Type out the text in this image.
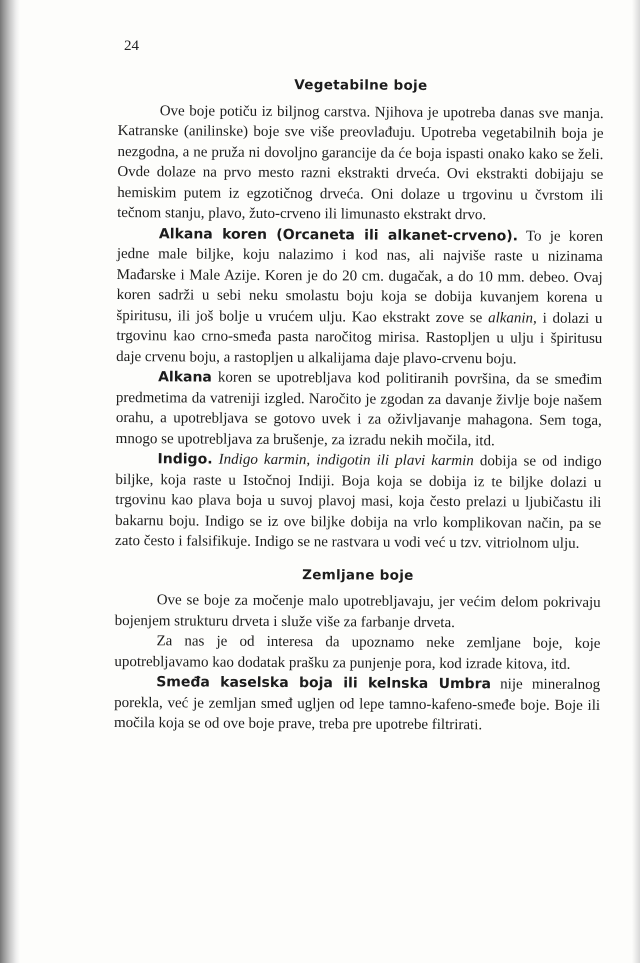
24
Vegetabilne boje

Ove boje potiču iz biljnog carstva. Njihova je upotreba danas sve manja. Katranske (anilinske) boje sve više preovlađuju. Upotreba vegetabilnih boja je nezgodna, a ne pruža ni dovoljno garanciјe da će boja ispasti onako kako se želi. Ovde dolaze na prvo mesto razni ekstrakti drveća. Ovi ekstrakti dobijaju se hemiskim putem iz egzotičnog drveća. Oni dolaze u trgovinu u čvrstom ili tečnom stanju, plavo, žuto-crveno ili limunasto ekstrakt drvo.

Alkana koren (Orcaneta ili alkanet-crveno). To je koren jedne male biljke, koju nalazimo i kod nas, ali najviše raste u nizinama Mađarske i Male Azije. Koren je do 20 cm. dugačak, a do 10 mm. debeo. Ovaj koren sadrži u sebi neku smolastu boju koja se dobija kuvanjem korena u špiritusu, ili još bolje u vrućem ulju. Kao ekstrakt zove se alkanin, i dolazi u trgovinu kao crno-smeđa pasta naročitog mirisa. Rastopljen u ulju i špiritusu daje crvenu boju, a rastopljen u alkalijama daje plavo-crvenu boju.

Alkana koren se upotrebljava kod politiranih površina, da se smeđim predmetima da vatreniji izgled. Naročito je zgodan za davanje življe boje našem orahu, a upotrebljava se gotovo uvek i za oživljavanje mahagona. Sem toga, mnogo se upotrebljava za brušenje, za izradu nekih močila, itd.

Indigo. Indigo karmin, indigotin ili plavi karmin dobija se od indigo biljke, koja raste u Istočnoj Indiji. Boja koja se dobija iz te biljke dolazi u trgovinu kao plava boja u suvoj plavoj masi, koja često prelazi u ljubičastu ili bakarnu boju. Indigo se iz ove biljke dobija na vrlo komplikovan način, pa se zato često i falsifikuje. Indigo se ne rastvara u vodi već u tzv. vitriolnom ulju.

Zemljane boje

Ove se boje za močenje malo upotrebljavaju, jer većim delom pokrivaju bojenjem strukturu drveta i služe više za farbanje drveta.

Za nas je od interesa da upoznamo neke zemljane boje, koje upotrebljavamo kao dodatak prašku za punjenje pora, kod izrade kitova, itd.

Smeđa kaselska boja ili kelnska Umbra nije mineralnog porekla, već je zemljan smeđ ugljen od lepe tamno-kafeno-smeđe boje. Boje ili močila koja se od ove boje prave, treba pre upotrebe filtrirati.
